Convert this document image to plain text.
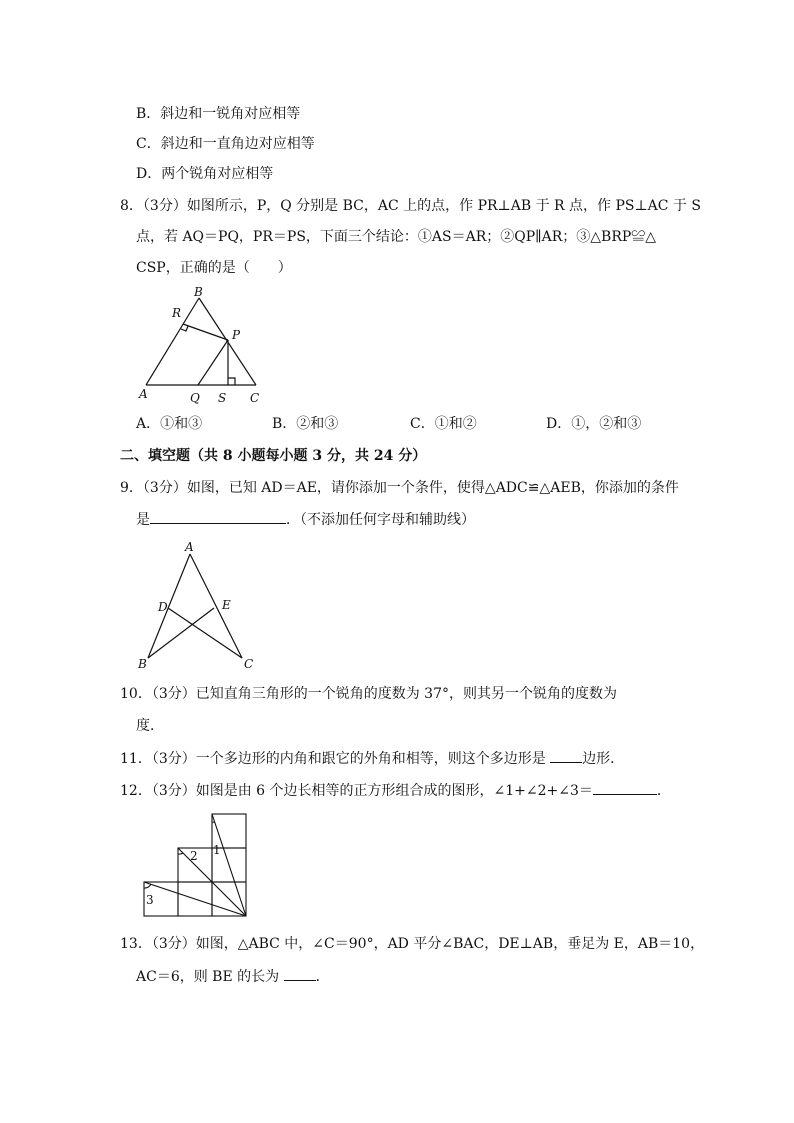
B．斜边和一锐角对应相等
C．斜边和一直角边对应相等
D．两个锐角对应相等
8．（3分）如图所示，P，Q 分别是 BC，AC 上的点，作 PR⊥AB 于 R 点，作 PS⊥AC 于 S
点，若 AQ＝PQ，PR＝PS，下面三个结论：①AS＝AR；②QP∥AR；③△BRP≌△
CSP，正确的是（　　）
B
R
P
A	Q S C
A．①和③	B．②和③	C．①和②	D．①，②和③
二、填空题（共 8 小题每小题 3 分，共 24 分）
9．（3分）如图，已知 AD＝AE，请你添加一个条件，使得△ADC≌△AEB，你添加的条件
是	．（不添加任何字母和辅助线）
A
D	E
B	C
10．（3分）已知直角三角形的一个锐角的度数为 37°，则其另一个锐角的度数为
度．
11．（3分）一个多边形的内角和跟它的外角和相等，则这个多边形是	边形．
12．（3分）如图是由 6 个边长相等的正方形组合成的图形，∠1+∠2+∠3＝	．
1
2
3
13．（3分）如图，△ABC 中，∠C＝90°，AD 平分∠BAC，DE⊥AB，垂足为 E，AB＝10，
AC＝6，则 BE 的长为	．
